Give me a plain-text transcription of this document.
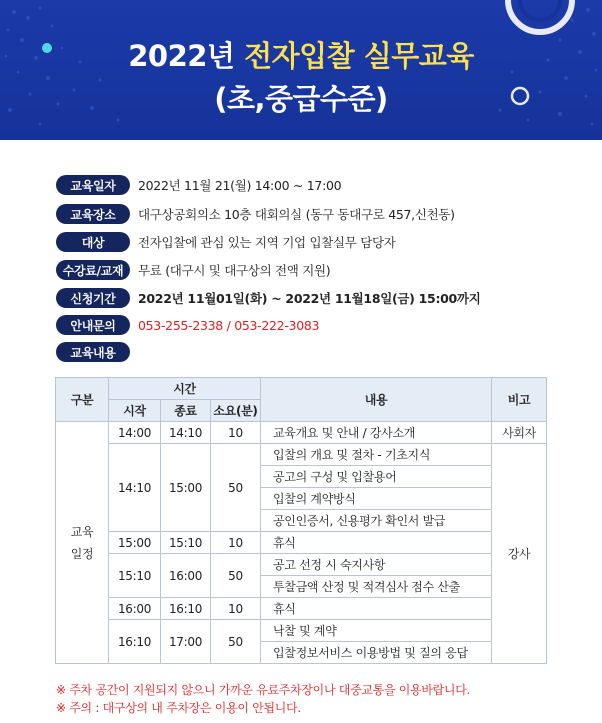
2022년 전자입찰 실무교육
(초,중급수준)
교육일자	2022년 11월 21(월) 14:00 ~ 17:00
교육장소	대구상공회의소 10층 대회의실 (동구 동대구로 457,신천동)
대상	전자입찰에 관심 있는 지역 기업 입찰실무 담당자
수강료/교재	무료 (대구시 및 대구상의 전액 지원)
신청기간	2022년 11월01일(화) ~ 2022년 11월18일(금) 15:00까지
안내문의	053-255-2338 / 053-222-3083
교육내용
구분	시간			내용	비고
	시작	종료	소요(분)		
교육
일정	14:00	14:10	10	교육개요 및 안내 / 강사소개	사회자
	14:10	15:00	50	입찰의 개요 및 절차 - 기초지식	강사
				공고의 구성 및 입찰용어	
				입찰의 계약방식	
				공인인증서, 신용평가 확인서 발급	
	15:00	15:10	10	휴식	
	15:10	16:00	50	공고 선정 시 숙지사항	
				투찰금액 산정 및 적격심사 점수 산출	
	16:00	16:10	10	휴식	
	16:10	17:00	50	낙찰 및 계약	
				입찰정보서비스 이용방법 및 질의 응답	
※ 주차 공간이 지원되지 않으니 가까운 유료주차장이나 대중교통을 이용바랍니다.
※ 주의 : 대구상의 내 주차장은 이용이 안됩니다.
